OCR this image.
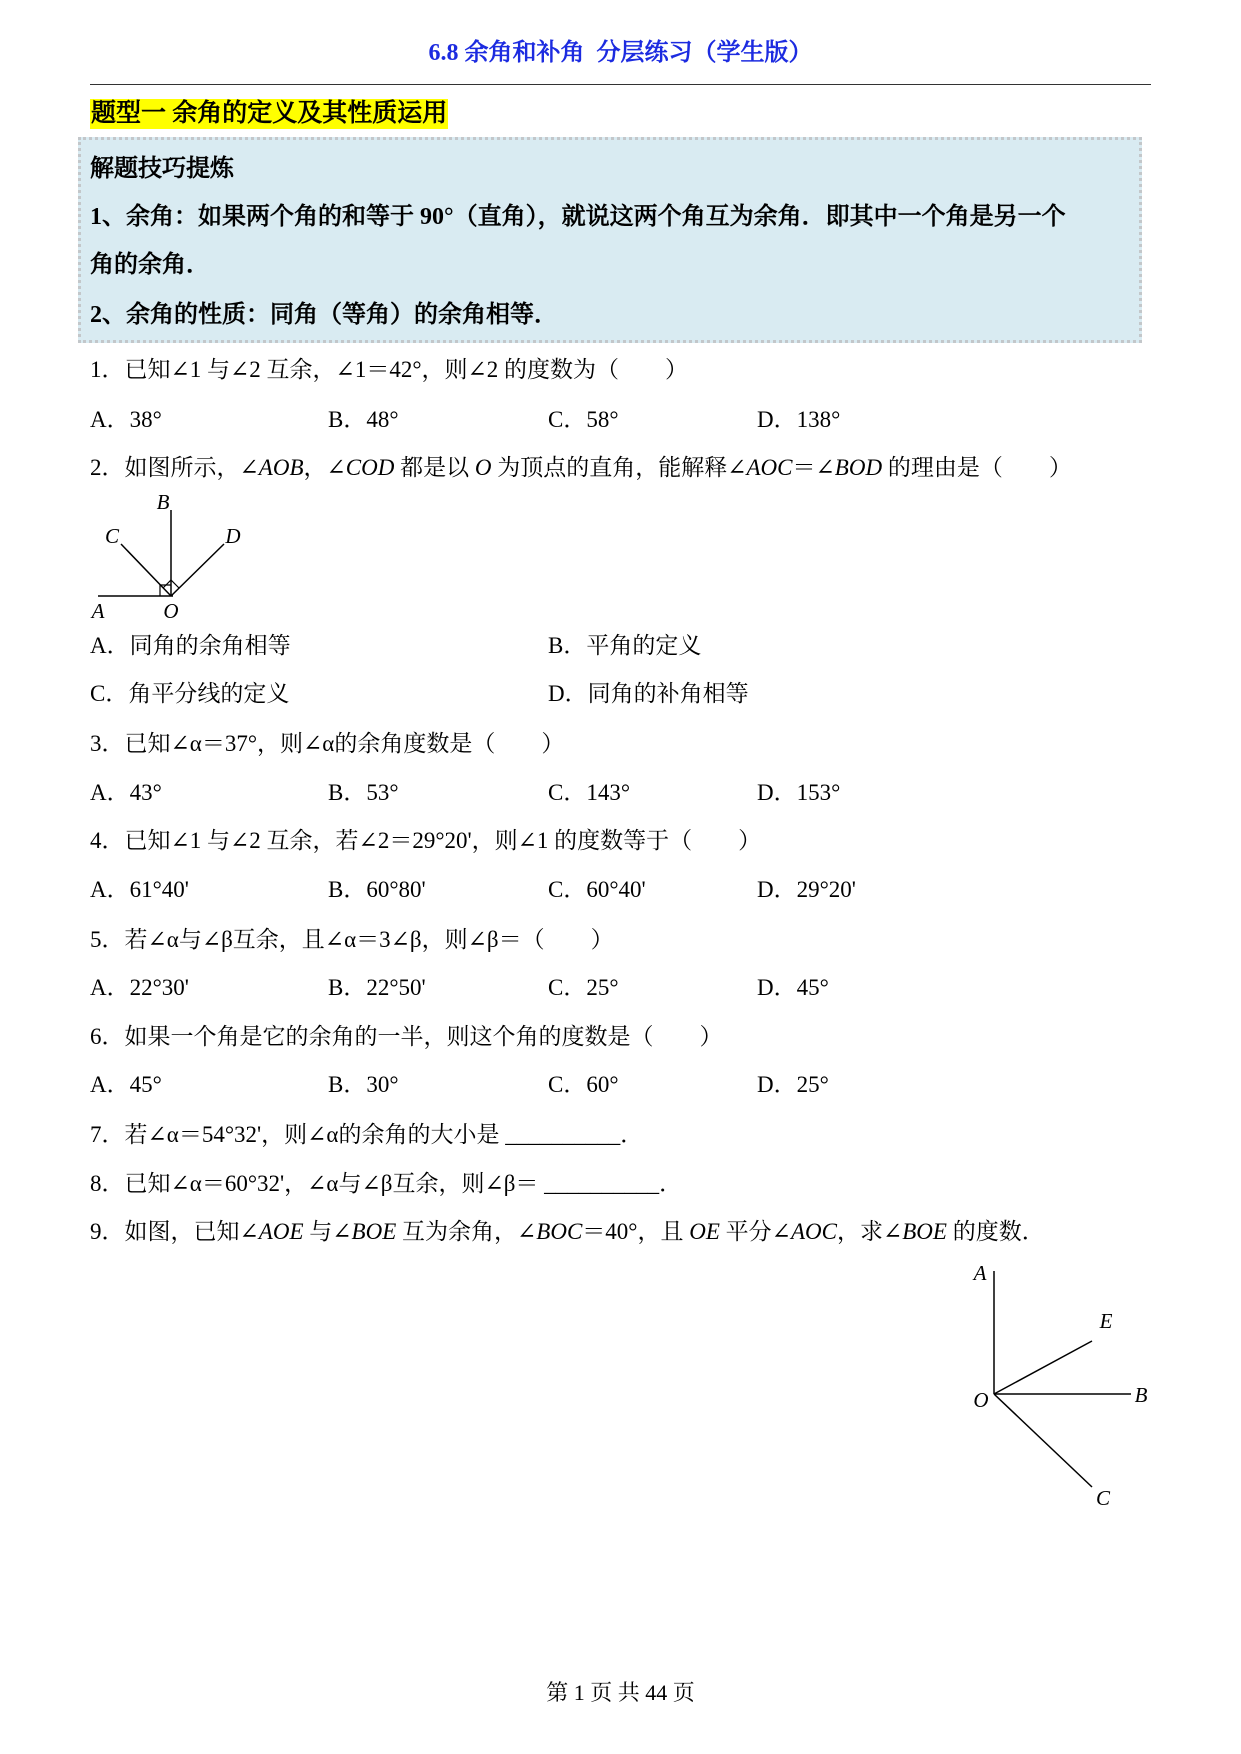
6.8 余角和补角  分层练习（学生版）
题型一 余角的定义及其性质运用
解题技巧提炼
1、余角：如果两个角的和等于 90°（直角），就说这两个角互为余角．即其中一个角是另一个
角的余角．
2、余角的性质：同角（等角）的余角相等．
1．已知∠1 与∠2 互余，∠1＝42°，则∠2 的度数为（　　）
A．38°	B．48°	C．58°	D．138°
2．如图所示，∠AOB，∠COD 都是以 O 为顶点的直角，能解释∠AOC＝∠BOD 的理由是（　　）
A	O
B
C	D
A．同角的余角相等	B．平角的定义
C．角平分线的定义	D．同角的补角相等
3．已知∠α＝37°，则∠α的余角度数是（　　）
A．43°	B．53°	C．143°	D．153°
4．已知∠1 与∠2 互余，若∠2＝29°20'，则∠1 的度数等于（　　）
A．61°40'	B．60°80'	C．60°40'	D．29°20'
5．若∠α与∠β互余，且∠α＝3∠β，则∠β＝（　　）
A．22°30'	B．22°50'	C．25°	D．45°
6．如果一个角是它的余角的一半，则这个角的度数是（　　）
A．45°	B．30°	C．60°	D．25°
7．若∠α＝54°32'，则∠α的余角的大小是 __________．
8．已知∠α＝60°32'，∠α与∠β互余，则∠β＝ __________．
9．如图，已知∠AOE 与∠BOE 互为余角，∠BOC＝40°，且 OE 平分∠AOC，求∠BOE 的度数．
A
E
B
O
C
第 1 页 共 44 页
